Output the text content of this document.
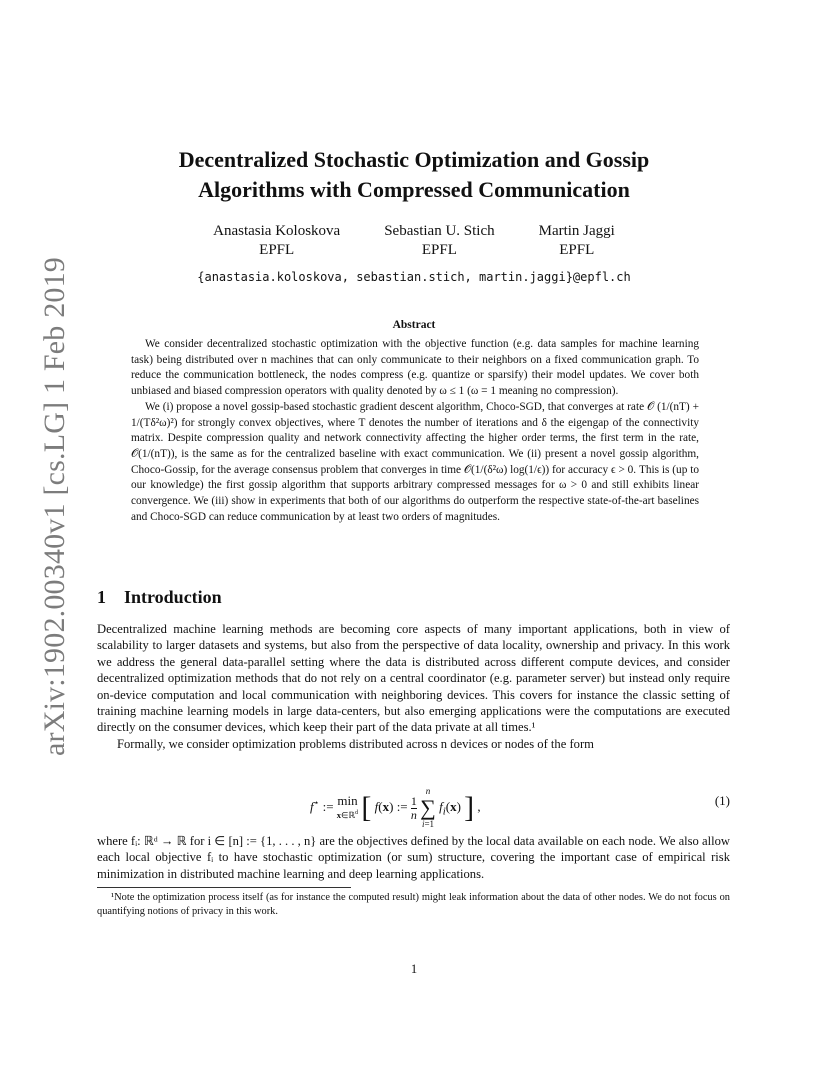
arXiv:1902.00340v1 [cs.LG] 1 Feb 2019
Decentralized Stochastic Optimization and Gossip
Algorithms with Compressed Communication
Anastasia Koloskova
EPFL
Sebastian U. Stich
EPFL
Martin Jaggi
EPFL
{anastasia.koloskova, sebastian.stich, martin.jaggi}@epfl.ch
Abstract

We consider decentralized stochastic optimization with the objective function (e.g. data samples for machine learning task) being distributed over n machines that can only communicate to their neighbors on a fixed communication graph. To reduce the communication bottleneck, the nodes compress (e.g. quantize or sparsify) their model updates. We cover both unbiased and biased compression operators with quality denoted by ω ≤ 1 (ω = 1 meaning no compression).

We (i) propose a novel gossip-based stochastic gradient descent algorithm, Choco-SGD, that converges at rate 𝒪 (1/(nT) + 1/(Tδ²ω)²) for strongly convex objectives, where T denotes the number of iterations and δ the eigengap of the connectivity matrix. Despite compression quality and network connectivity affecting the higher order terms, the first term in the rate, 𝒪(1/(nT)), is the same as for the centralized baseline with exact communication. We (ii) present a novel gossip algorithm, Choco-Gossip, for the average consensus problem that converges in time 𝒪(1/(δ²ω) log(1/ϵ)) for accuracy ϵ > 0. This is (up to our knowledge) the first gossip algorithm that supports arbitrary compressed messages for ω > 0 and still exhibits linear convergence. We (iii) show in experiments that both of our algorithms do outperform the respective state-of-the-art baselines and Choco-SGD can reduce communication by at least two orders of magnitudes.

1 Introduction

Decentralized machine learning methods are becoming core aspects of many important applications, both in view of scalability to larger datasets and systems, but also from the perspective of data locality, ownership and privacy. In this work we address the general data-parallel setting where the data is distributed across different compute devices, and consider decentralized optimization methods that do not rely on a central coordinator (e.g. parameter server) but instead only require on-device computation and local communication with neighboring devices. This covers for instance the classic setting of training machine learning models in large data-centers, but also emerging applications were the computations are executed directly on the consumer devices, which keep their part of the data private at all times.¹

Formally, we consider optimization problems distributed across n devices or nodes of the form

f⋆ := min
x∈ℝ$^d$ [ f(x) := 1
n
n
∑
i=1 $f_i(x)$ ] ,	(1)

where fᵢ: ℝᵈ → ℝ for i ∈ [n] := {1, . . . , n} are the objectives defined by the local data available on each node. We also allow each local objective fᵢ to have stochastic optimization (or sum) structure, covering the important case of empirical risk minimization in distributed machine learning and deep learning applications.

¹Note the optimization process itself (as for instance the computed result) might leak information about the data of other nodes. We do not focus on quantifying notions of privacy in this work.

1
